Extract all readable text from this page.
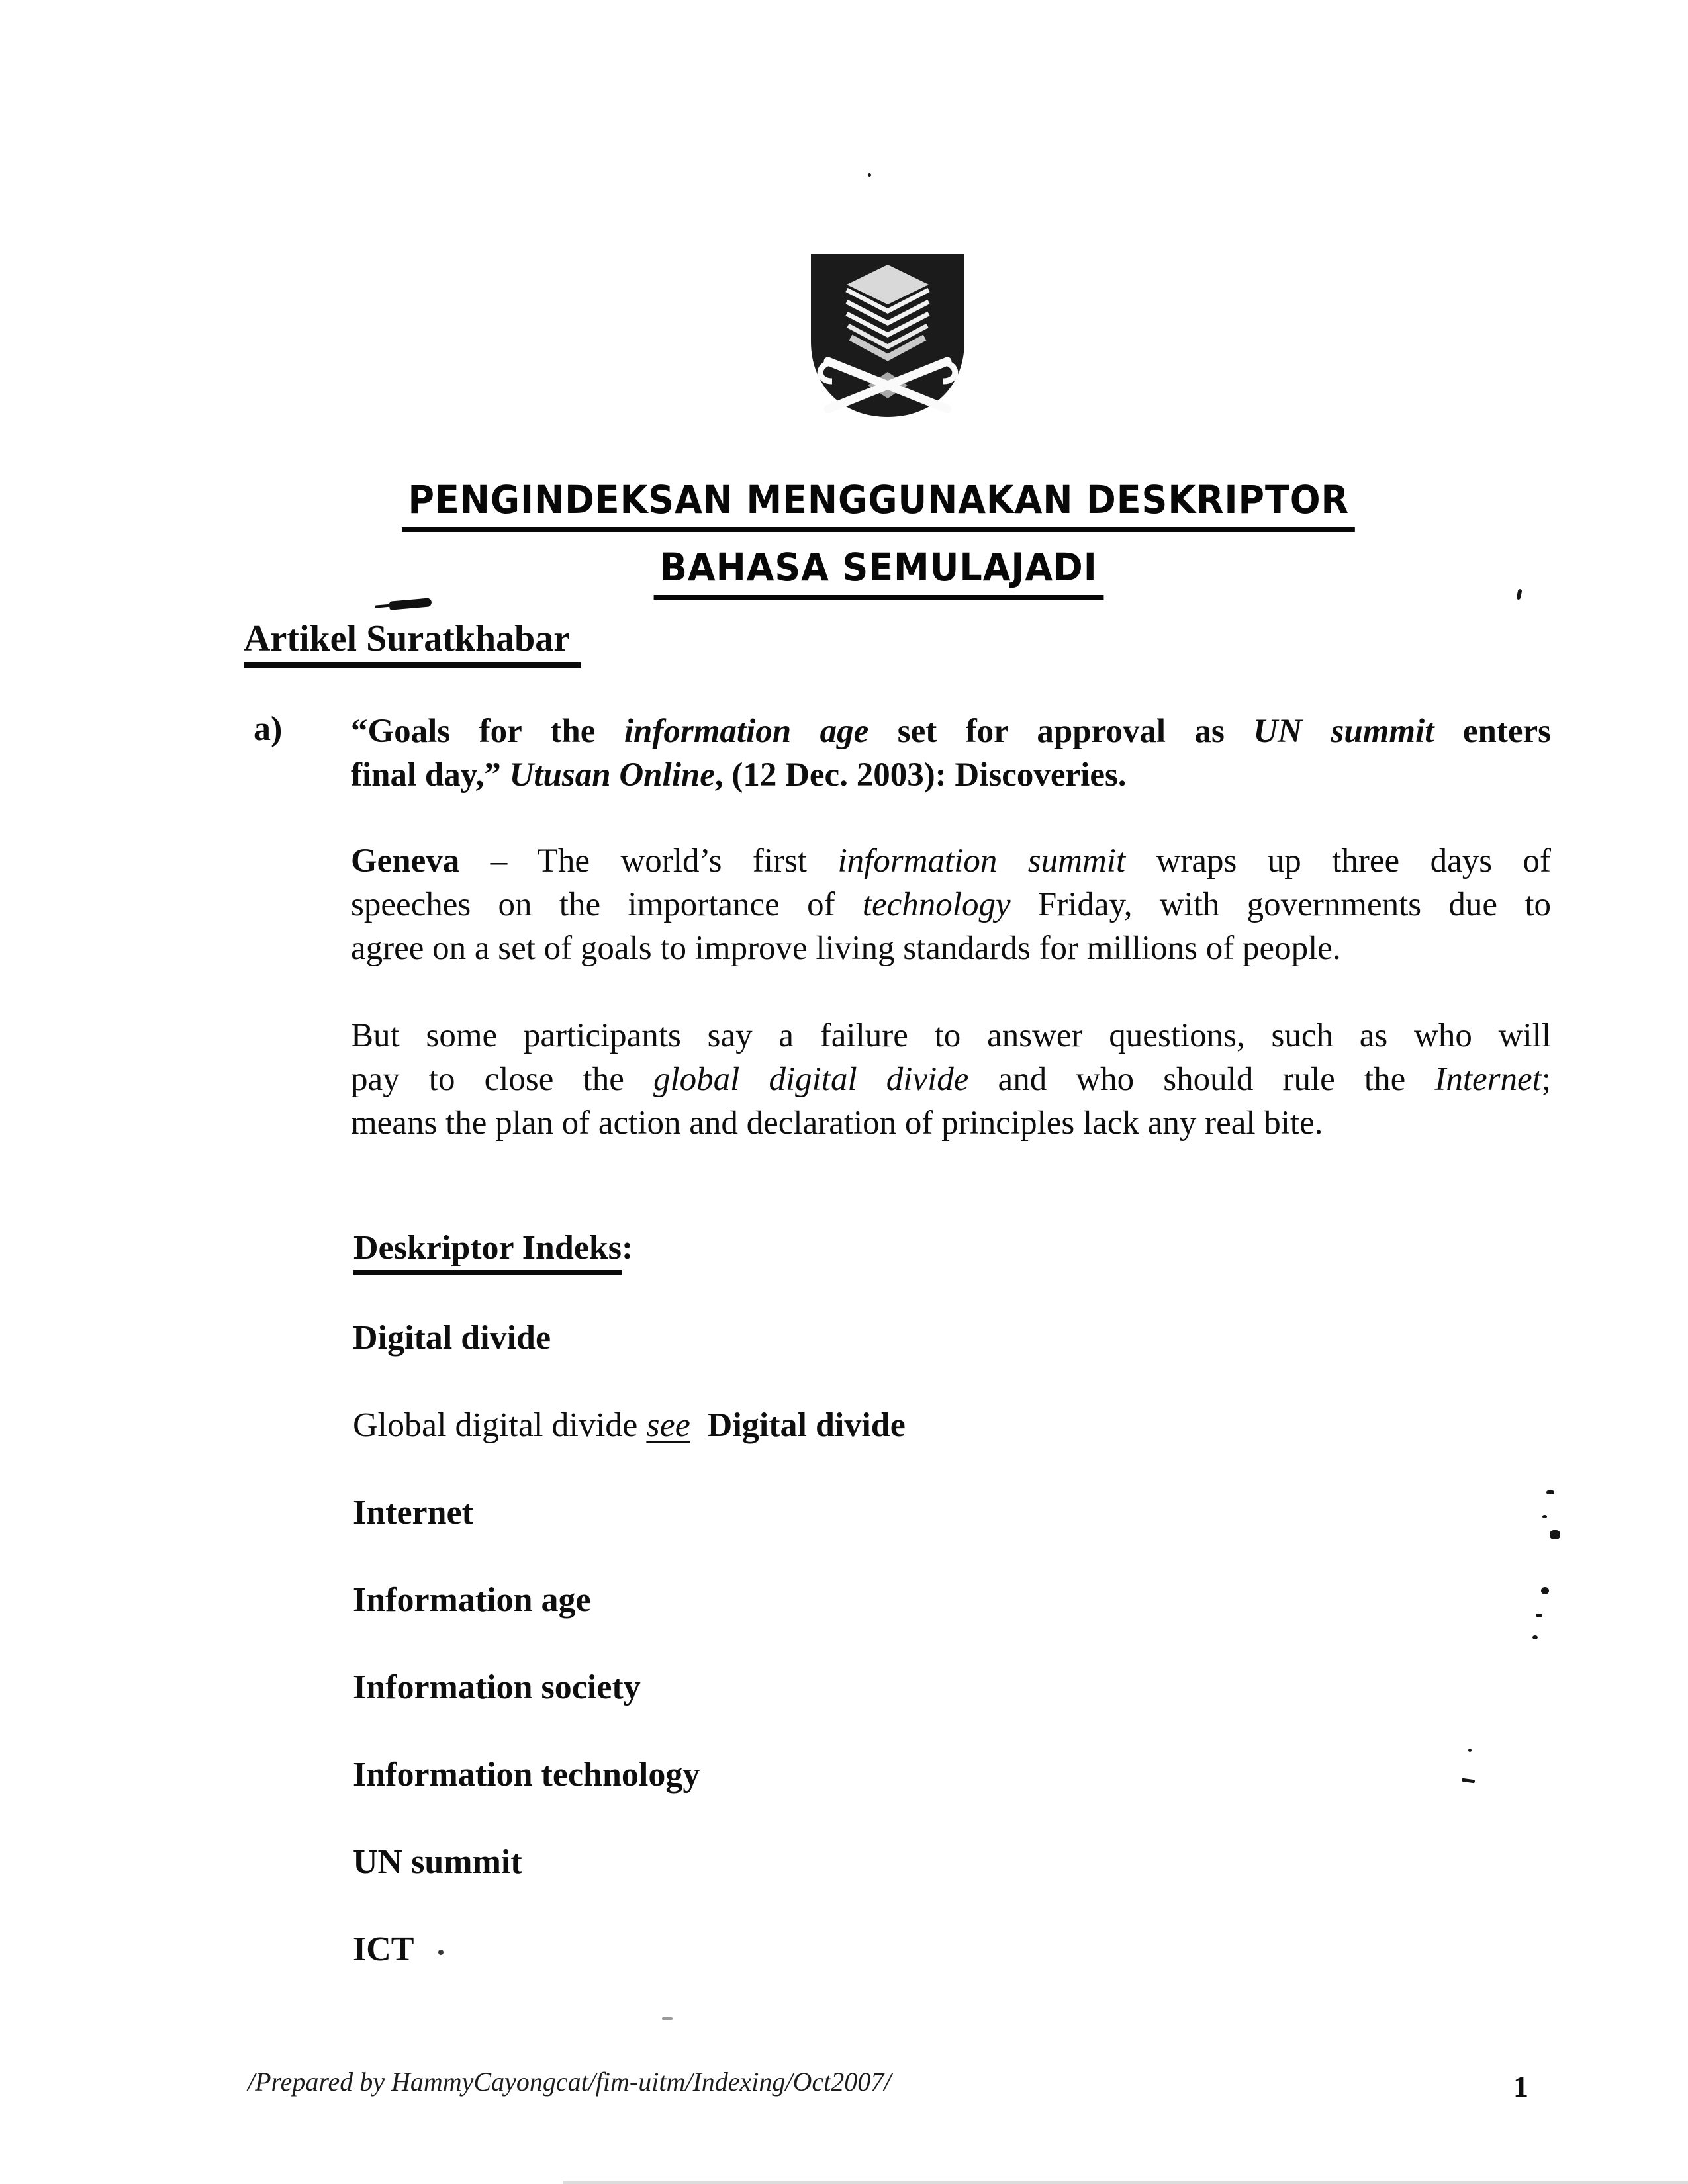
PENGINDEKSAN MENGGUNAKAN DESKRIPTOR
BAHASA SEMULAJADI
Artikel Suratkhabar
a) “Goals for the information age set for approval as UN summit enters
final day,” Utusan Online, (12 Dec. 2003): Discoveries.
Geneva – The world’s first information summit wraps up three days of
speeches on the importance of technology Friday, with governments due to
agree on a set of goals to improve living standards for millions of people.
But some participants say a failure to answer questions, such as who will
pay to close the global digital divide and who should rule the Internet;
means the plan of action and declaration of principles lack any real bite.
Deskriptor Indeks:
Digital divide
Global digital divide see Digital divide
Internet
Information age
Information society
Information technology
UN summit
ICT
/Prepared by HammyCayongcat/fim-uitm/Indexing/Oct2007/	1
